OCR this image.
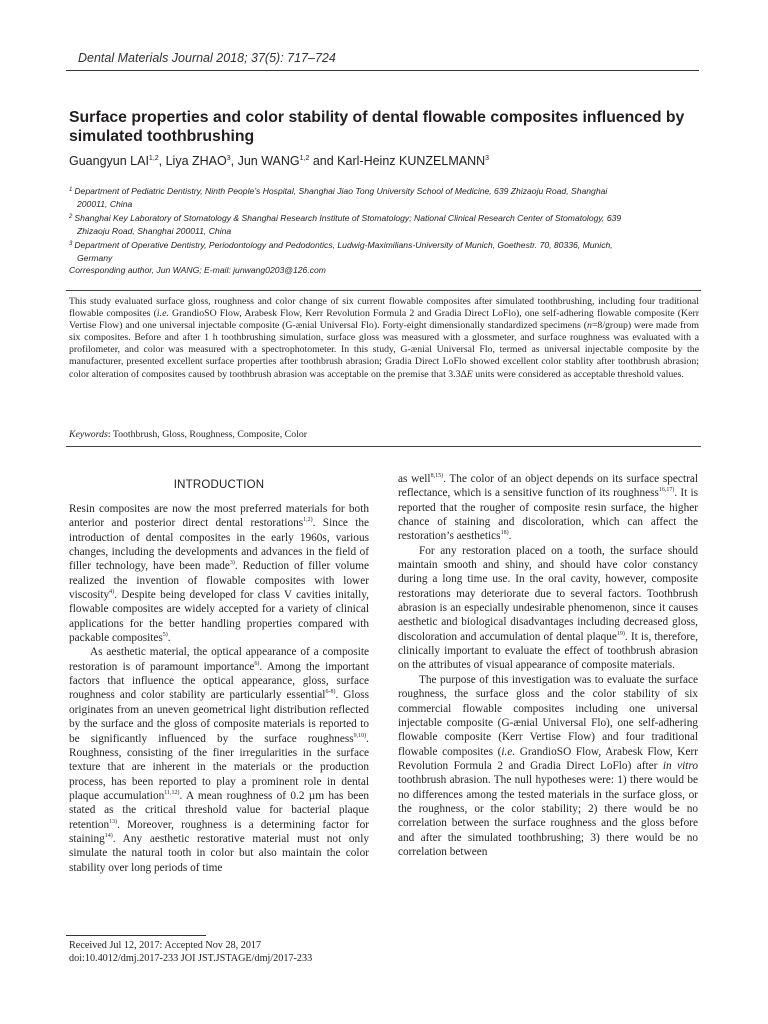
Dental Materials Journal 2018; 37(5): 717–724
Surface properties and color stability of dental flowable composites influenced by simulated toothbrushing
Guangyun LAI$^{1,2}$, Liya ZHAO$^3$, Jun WANG$^{1,2}$ and Karl-Heinz KUNZELMANN$^3$
$^1$ Department of Pediatric Dentistry, Ninth People’s Hospital, Shanghai Jiao Tong University School of Medicine, 639 Zhizaoju Road, Shanghai
200011, China
$^2$ Shanghai Key Laboratory of Stomatology & Shanghai Research Institute of Stomatology; National Clinical Research Center of Stomatology, 639
Zhizaoju Road, Shanghai 200011, China
$^3$ Department of Operative Dentistry, Periodontology and Pedodontics, Ludwig-Maximilians-University of Munich, Goethestr. 70, 80336, Munich,
Germany
Corresponding author, Jun WANG; E-mail: junwang0203@126.com
This study evaluated surface gloss, roughness and color change of six current flowable composites after simulated toothbrushing, including four traditional flowable composites (i.e. GrandioSO Flow, Arabesk Flow, Kerr Revolution Formula 2 and Gradia Direct LoFlo), one self-adhering flowable composite (Kerr Vertise Flow) and one universal injectable composite (G-ænial Universal Flo). Forty-eight dimensionally standardized specimens (n=8/group) were made from six composites. Before and after 1 h toothbrushing simulation, surface gloss was measured with a glossmeter, and surface roughness was evaluated with a profilometer, and color was measured with a spectrophotometer. In this study, G-ænial Universal Flo, termed as universal injectable composite by the manufacturer, presented excellent surface properties after toothbrush abrasion; Gradia Direct LoFlo showed excellent color stablity after toothbrush abrasion; color alteration of composites caused by toothbrush abrasion was acceptable on the premise that 3.3ΔE units were considered as acceptable threshold values.
Keywords: Toothbrush, Gloss, Roughness, Composite, Color
INTRODUCTION

Resin composites are now the most preferred materials for both anterior and posterior direct dental restorations$^{1,2)}$. Since the introduction of dental composites in the early 1960s, various changes, including the developments and advances in the field of filler technology, have been made$^{3)}$. Reduction of filler volume realized the invention of flowable composites with lower viscosity$^{4)}$. Despite being developed for class V cavities initally, flowable composites are widely accepted for a variety of clinical applications for the better handling properties compared with packable composites$^{5)}$.

As aesthetic material, the optical appearance of a composite restoration is of paramount importance$^{6)}$. Among the important factors that influence the optical appearance, gloss, surface roughness and color stability are particularly essential$^{6-8)}$. Gloss originates from an uneven geometrical light distribution reflected by the surface and the gloss of composite materials is reported to be significantly influenced by the surface roughness$^{9,10)}$. Roughness, consisting of the finer irregularities in the surface texture that are inherent in the materials or the production process, has been reported to play a prominent role in dental plaque accumulation$^{11,12)}$. A mean roughness of 0.2 µm has been stated as the critical threshold value for bacterial plaque retention$^{13)}$. Moreover, roughness is a determining factor for staining$^{14)}$. Any aesthetic restorative material must not only simulate the natural tooth in color but also maintain the color stability over long periods of time

as well$^{8,15)}$. The color of an object depends on its surface spectral reflectance, which is a sensitive function of its roughness$^{16,17)}$. It is reported that the rougher of composite resin surface, the higher chance of staining and discoloration, which can affect the restoration’s aesthetics$^{18)}$.

For any restoration placed on a tooth, the surface should maintain smooth and shiny, and should have color constancy during a long time use. In the oral cavity, however, composite restorations may deteriorate due to several factors. Toothbrush abrasion is an especially undesirable phenomenon, since it causes aesthetic and biological disadvantages including decreased gloss, discoloration and accumulation of dental plaque$^{19)}$. It is, therefore, clinically important to evaluate the effect of toothbrush abrasion on the attributes of visual appearance of composite materials.

The purpose of this investigation was to evaluate the surface roughness, the surface gloss and the color stability of six commercial flowable composites including one universal injectable composite (G-ænial Universal Flo), one self-adhering flowable composite (Kerr Vertise Flow) and four traditional flowable composites (i.e. GrandioSO Flow, Arabesk Flow, Kerr Revolution Formula 2 and Gradia Direct LoFlo) after in vitro toothbrush abrasion. The null hypotheses were: 1) there would be no differences among the tested materials in the surface gloss, or the roughness, or the color stability; 2) there would be no correlation between the surface roughness and the gloss before and after the simulated toothbrushing; 3) there would be no correlation between

Received Jul 12, 2017: Accepted Nov 28, 2017
doi:10.4012/dmj.2017-233 JOI JST.JSTAGE/dmj/2017-233
